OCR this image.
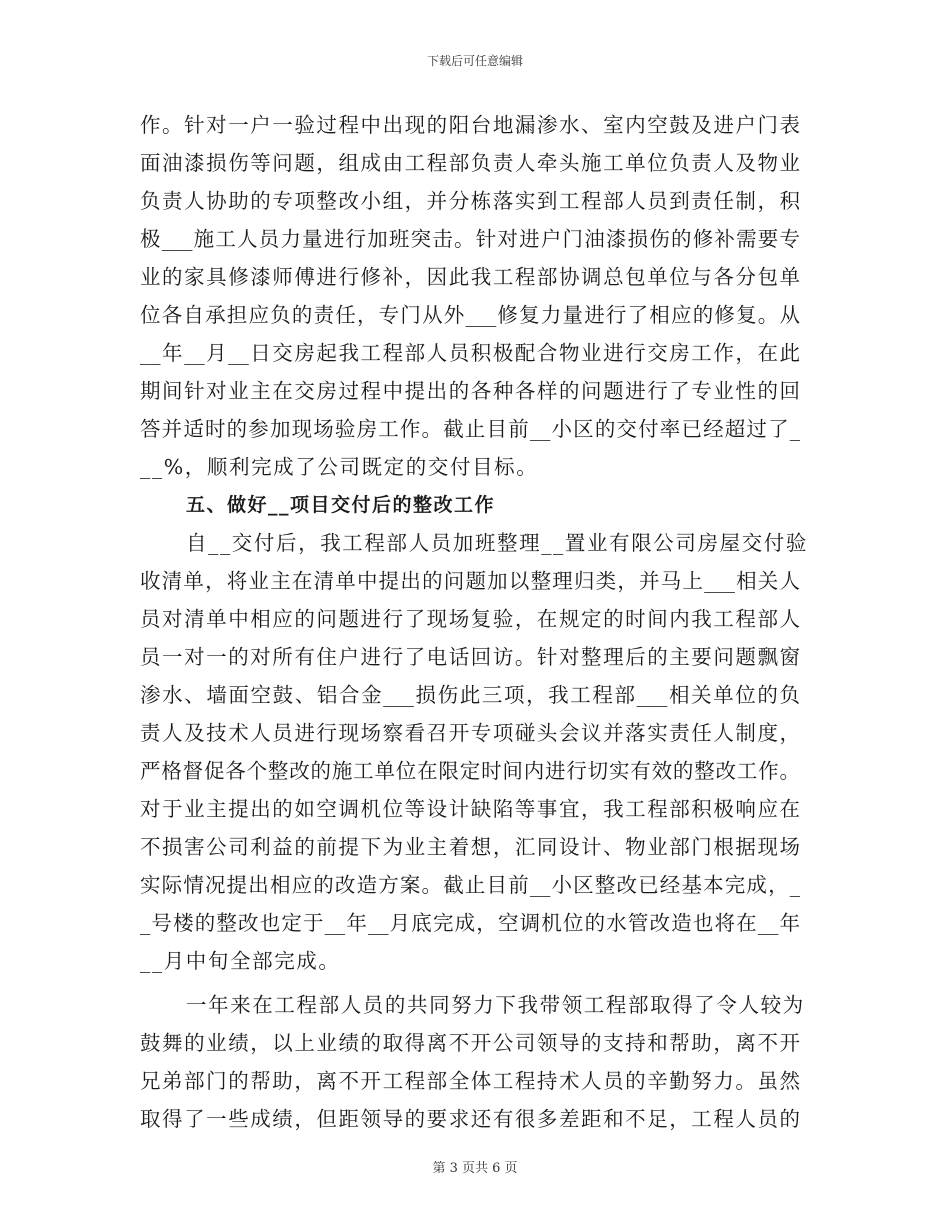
下载后可任意编辑
作。针对一户一验过程中出现的阳台地漏渗水、室内空鼓及进户门表
面油漆损伤等问题，组成由工程部负责人牵头施工单位负责人及物业
负责人协助的专项整改小组，并分栋落实到工程部人员到责任制，积
极___施工人员力量进行加班突击。针对进户门油漆损伤的修补需要专
业的家具修漆师傅进行修补，因此我工程部协调总包单位与各分包单
位各自承担应负的责任，专门从外___修复力量进行了相应的修复。从
__年__月__日交房起我工程部人员积极配合物业进行交房工作，在此
期间针对业主在交房过程中提出的各种各样的问题进行了专业性的回
答并适时的参加现场验房工作。截止目前__小区的交付率已经超过了_
__%，顺利完成了公司既定的交付目标。
五、做好__项目交付后的整改工作
自__交付后，我工程部人员加班整理__置业有限公司房屋交付验
收清单，将业主在清单中提出的问题加以整理归类，并马上___相关人
员对清单中相应的问题进行了现场复验，在规定的时间内我工程部人
员一对一的对所有住户进行了电话回访。针对整理后的主要问题飘窗
渗水、墙面空鼓、铝合金___损伤此三项，我工程部___相关单位的负
责人及技术人员进行现场察看召开专项碰头会议并落实责任人制度，
严格督促各个整改的施工单位在限定时间内进行切实有效的整改工作。
对于业主提出的如空调机位等设计缺陷等事宜，我工程部积极响应在
不损害公司利益的前提下为业主着想，汇同设计、物业部门根据现场
实际情况提出相应的改造方案。截止目前__小区整改已经基本完成，_
_号楼的整改也定于__年__月底完成，空调机位的水管改造也将在__年
__月中旬全部完成。
一年来在工程部人员的共同努力下我带领工程部取得了令人较为
鼓舞的业绩，以上业绩的取得离不开公司领导的支持和帮助，离不开
兄弟部门的帮助，离不开工程部全体工程持术人员的辛勤努力。虽然
取得了一些成绩，但距领导的要求还有很多差距和不足，工程人员的
第 3 页共 6 页
